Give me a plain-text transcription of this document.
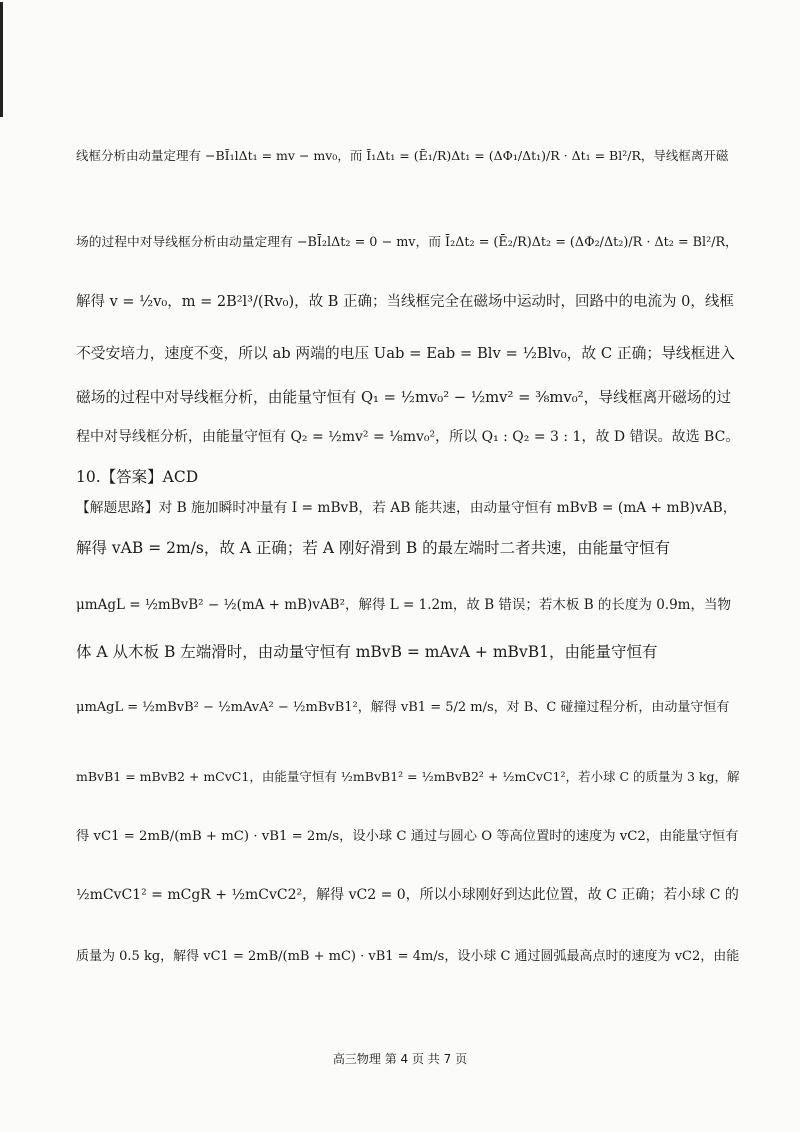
线框分析由动量定理有 −BĪ₁lΔt₁ = mv − mv₀，而 Ī₁Δt₁ = (Ē₁/R)Δt₁ = (ΔΦ₁/Δt₁)/R · Δt₁ = Bl²/R，导线框离开磁
场的过程中对导线框分析由动量定理有 −BĪ₂lΔt₂ = 0 − mv，而 Ī₂Δt₂ = (Ē₂/R)Δt₂ = (ΔΦ₂/Δt₂)/R · Δt₂ = Bl²/R，
解得 v = ½v₀，m = 2B²l³/(Rv₀)，故 B 正确；当线框完全在磁场中运动时，回路中的电流为 0，线框
不受安培力，速度不变，所以 ab 两端的电压 Uab = Eab = Blv = ½Blv₀，故 C 正确；导线框进入
磁场的过程中对导线框分析，由能量守恒有 Q₁ = ½mv₀² − ½mv² = ⅜mv₀²，导线框离开磁场的过
程中对导线框分析，由能量守恒有 Q₂ = ½mv² = ⅛mv₀²，所以 Q₁ : Q₂ = 3 : 1，故 D 错误。故选 BC。
10.【答案】ACD
【解题思路】对 B 施加瞬时冲量有 I = mBvB，若 AB 能共速，由动量守恒有 mBvB = (mA + mB)vAB，
解得 vAB = 2m/s，故 A 正确；若 A 刚好滑到 B 的最左端时二者共速，由能量守恒有
μmAgL = ½mBvB² − ½(mA + mB)vAB²，解得 L = 1.2m，故 B 错误；若木板 B 的长度为 0.9m，当物
体 A 从木板 B 左端滑时，由动量守恒有 mBvB = mAvA + mBvB1，由能量守恒有
μmAgL = ½mBvB² − ½mAvA² − ½mBvB1²，解得 vB1 = 5/2 m/s，对 B、C 碰撞过程分析，由动量守恒有
mBvB1 = mBvB2 + mCvC1，由能量守恒有 ½mBvB1² = ½mBvB2² + ½mCvC1²，若小球 C 的质量为 3 kg，解
得 vC1 = 2mB/(mB + mC) · vB1 = 2m/s，设小球 C 通过与圆心 O 等高位置时的速度为 vC2，由能量守恒有
½mCvC1² = mCgR + ½mCvC2²，解得 vC2 = 0，所以小球刚好到达此位置，故 C 正确；若小球 C 的
质量为 0.5 kg，解得 vC1 = 2mB/(mB + mC) · vB1 = 4m/s，设小球 C 通过圆弧最高点时的速度为 vC2，由能
高三物理 第 4 页 共 7 页
